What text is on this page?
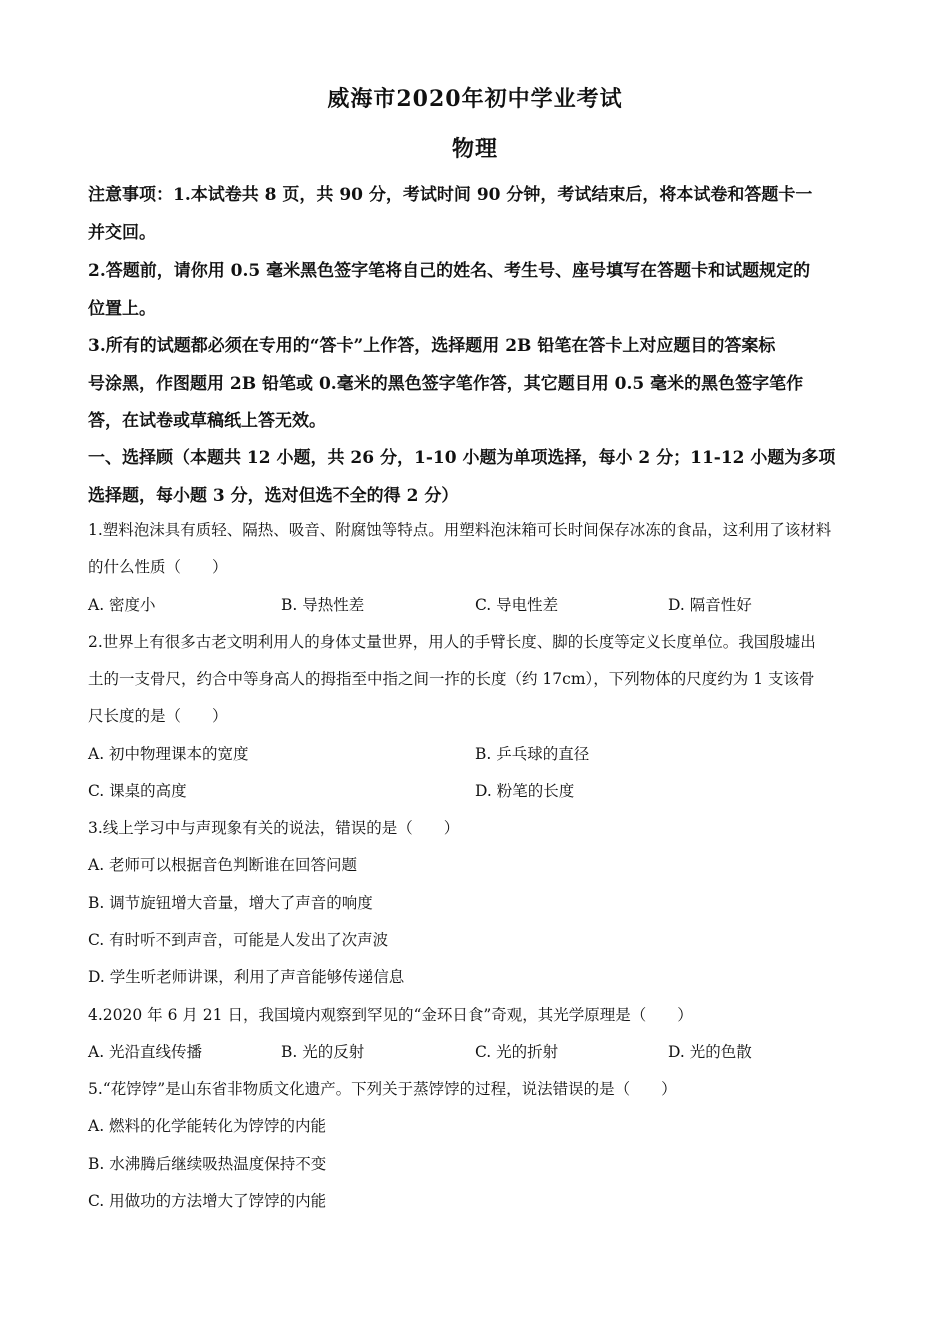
威海市2020年初中学业考试
物理
注意事项：1.本试卷共 8 页，共 90 分，考试时间 90 分钟，考试结束后，将本试卷和答题卡一
并交回。
2.答题前，请你用 0.5 毫米黑色签字笔将自己的姓名、考生号、座号填写在答题卡和试题规定的
位置上。
3.所有的试题都必须在专用的“答卡”上作答，选择题用 2B 铅笔在答卡上对应题目的答案标
号涂黑，作图题用 2B 铅笔或 0.毫米的黑色签字笔作答，其它题目用 0.5 毫米的黑色签字笔作
答，在试卷或草稿纸上答无效。
一、选择顾（本题共 12 小题，共 26 分，1-10 小题为单项选择，每小 2 分；11-12 小题为多项
选择题，每小题 3 分，选对但选不全的得 2 分）
1.塑料泡沫具有质轻、隔热、吸音、附腐蚀等特点。用塑料泡沫箱可长时间保存冰冻的食品，这利用了该材料
的什么性质（　　）
A. 密度小	B. 导热性差	C. 导电性差	D. 隔音性好
2.世界上有很多古老文明利用人的身体丈量世界，用人的手臂长度、脚的长度等定义长度单位。我国殷墟出
土的一支骨尺，约合中等身高人的拇指至中指之间一拃的长度（约 17cm），下列物体的尺度约为 1 支该骨
尺长度的是（　　）
A. 初中物理课本的宽度	B. 乒乓球的直径
C. 课桌的高度	D. 粉笔的长度
3.线上学习中与声现象有关的说法，错误的是（　　）
A. 老师可以根据音色判断谁在回答问题
B. 调节旋钮增大音量，增大了声音的响度
C. 有时听不到声音，可能是人发出了次声波
D. 学生听老师讲课，利用了声音能够传递信息
4.2020 年 6 月 21 日，我国境内观察到罕见的“金环日食”奇观，其光学原理是（　　）
A. 光沿直线传播	B. 光的反射	C. 光的折射	D. 光的色散
5.“花饽饽”是山东省非物质文化遗产。下列关于蒸饽饽的过程，说法错误的是（　　）
A. 燃料的化学能转化为饽饽的内能
B. 水沸腾后继续吸热温度保持不变
C. 用做功的方法增大了饽饽的内能
